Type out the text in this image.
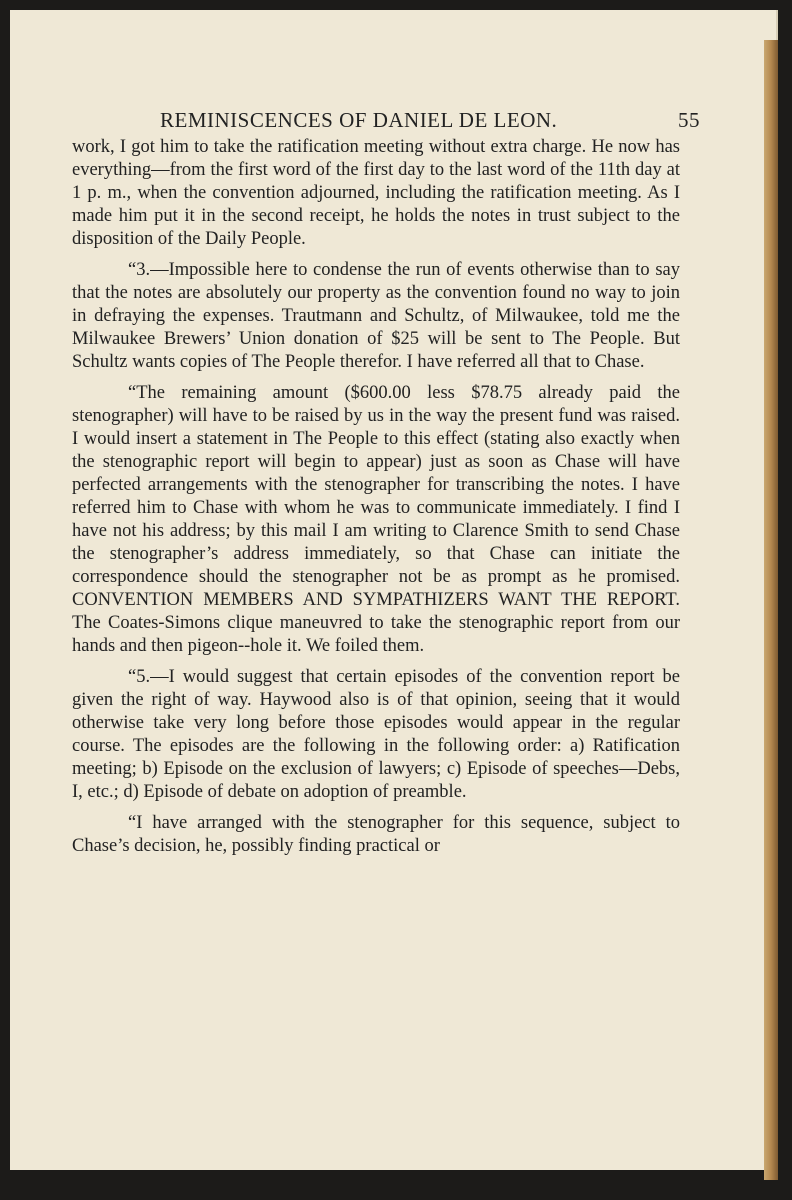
REMINISCENCES OF DANIEL DE LEON.	55

work, I got him to take the ratification meeting without extra charge. He now has everything—from the first word of the first day to the last word of the 11th day at 1 p. m., when the convention adjourned, including the ratification meeting. As I made him put it in the second receipt, he holds the notes in trust subject to the disposition of the Daily People.

“3.—Impossible here to condense the run of events otherwise than to say that the notes are absolutely our property as the convention found no way to join in defraying the expenses. Trautmann and Schultz, of Milwaukee, told me the Milwaukee Brewers’ Union donation of $25 will be sent to The People. But Schultz wants copies of The People therefor. I have referred all that to Chase.

“The remaining amount ($600.00 less $78.75 already paid the stenographer) will have to be raised by us in the way the present fund was raised. I would insert a statement in The People to this effect (stating also exactly when the stenographic report will begin to appear) just as soon as Chase will have perfected arrangements with the stenographer for transcribing the notes. I have referred him to Chase with whom he was to communicate immediately. I find I have not his address; by this mail I am writing to Clarence Smith to send Chase the stenographer’s address immediately, so that Chase can initiate the correspondence should the stenographer not be as prompt as he promised. CONVENTION MEMBERS AND SYMPATHIZERS WANT THE REPORT. The Coates-Simons clique maneuvred to take the stenographic report from our hands and then pigeon--hole it. We foiled them.

“5.—I would suggest that certain episodes of the convention report be given the right of way. Haywood also is of that opinion, seeing that it would otherwise take very long before those episodes would appear in the regular course. The episodes are the following in the following order: a) Ratification meeting; b) Episode on the exclusion of lawyers; c) Episode of speeches—Debs, I, etc.; d) Episode of debate on adoption of preamble.

“I have arranged with the stenographer for this sequence, subject to Chase’s decision, he, possibly finding practical or
